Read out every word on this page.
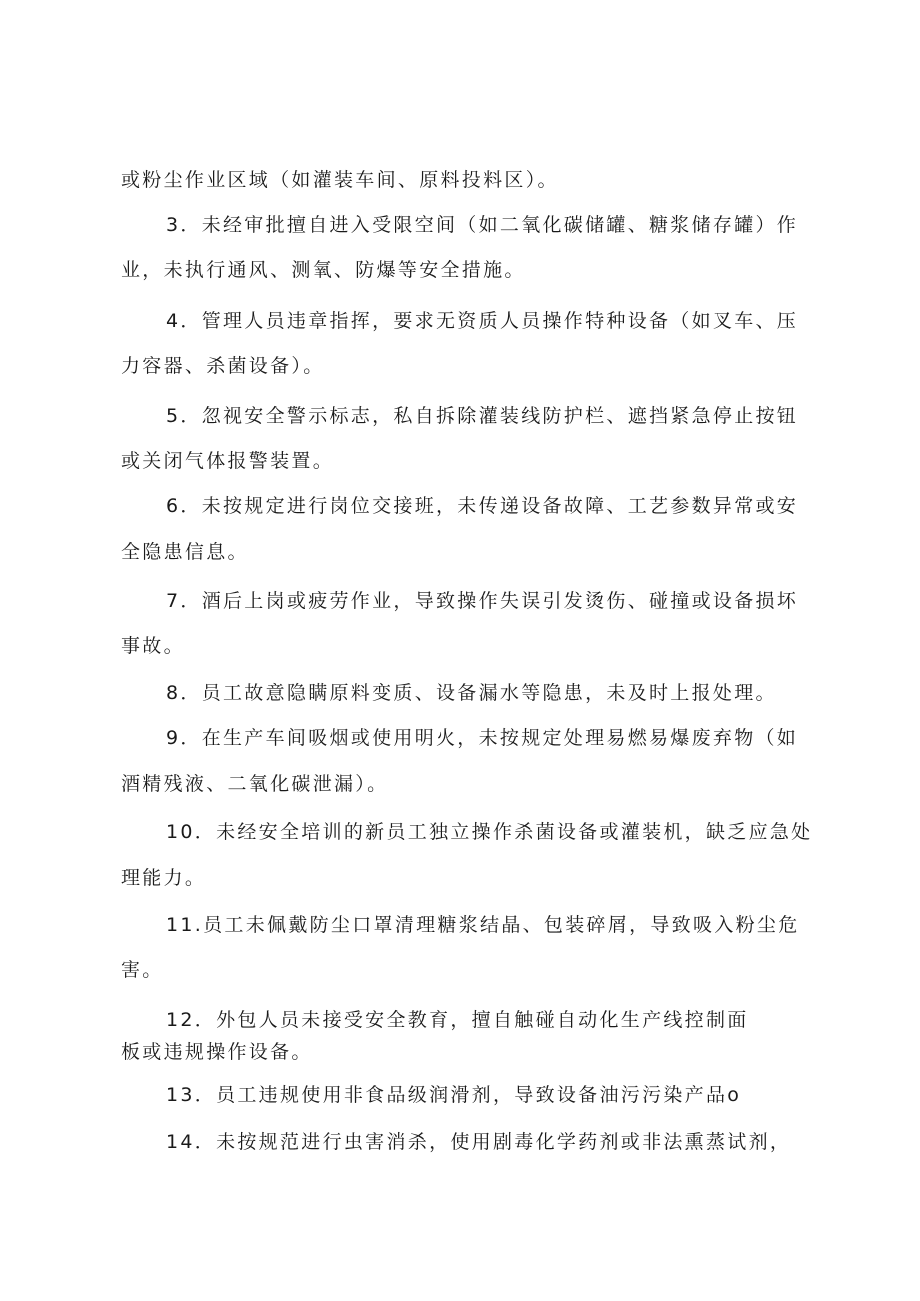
或粉尘作业区域（如灌装车间、原料投料区）。
3．未经审批擅自进入受限空间（如二氧化碳储罐、糖浆储存罐）作
业，未执行通风、测氧、防爆等安全措施。
4．管理人员违章指挥，要求无资质人员操作特种设备（如叉车、压
力容器、杀菌设备）。
5．忽视安全警示标志，私自拆除灌装线防护栏、遮挡紧急停止按钮
或关闭气体报警装置。
6．未按规定进行岗位交接班，未传递设备故障、工艺参数异常或安
全隐患信息。
7．酒后上岗或疲劳作业，导致操作失误引发烫伤、碰撞或设备损坏
事故。
8．员工故意隐瞒原料变质、设备漏水等隐患，未及时上报处理。
9．在生产车间吸烟或使用明火，未按规定处理易燃易爆废弃物（如
酒精残液、二氧化碳泄漏）。
10．未经安全培训的新员工独立操作杀菌设备或灌装机，缺乏应急处
理能力。
11.员工未佩戴防尘口罩清理糖浆结晶、包装碎屑，导致吸入粉尘危
害。
12．外包人员未接受安全教育，擅自触碰自动化生产线控制面
板或违规操作设备。
13．员工违规使用非食品级润滑剂，导致设备油污污染产品o
14．未按规范进行虫害消杀，使用剧毒化学药剂或非法熏蒸试剂，
